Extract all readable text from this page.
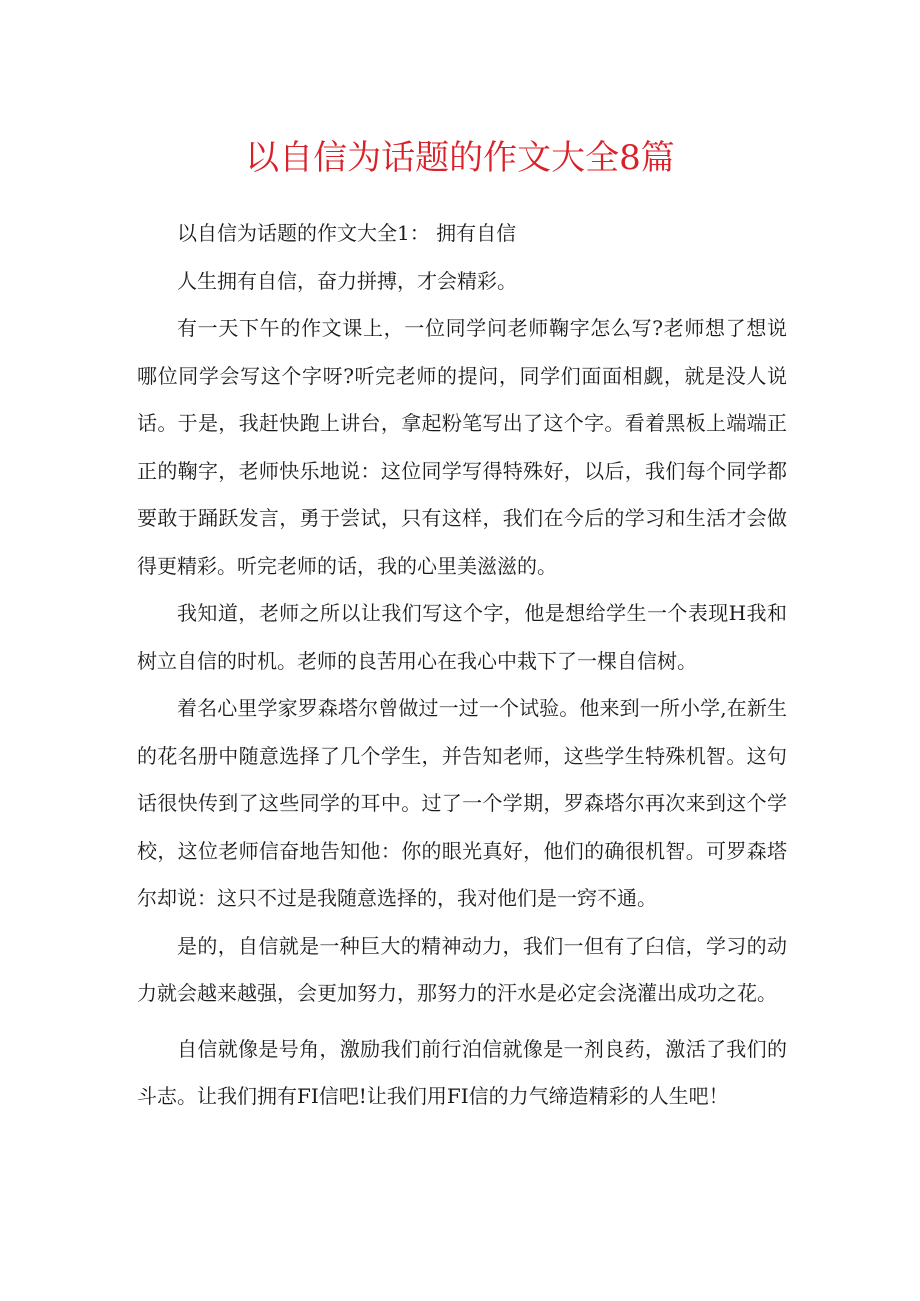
以自信为话题的作文大全8篇

以自信为话题的作文大全1： 拥有自信

人生拥有自信，奋力拼搏，才会精彩。

有一天下午的作文课上，一位同学问老师鞠字怎么写?老师想了想说哪位同学会写这个字呀?听完老师的提问，同学们面面相觑，就是没人说话。于是，我赶快跑上讲台，拿起粉笔写出了这个字。看着黑板上端端正正的鞠字，老师快乐地说：这位同学写得特殊好，以后，我们每个同学都要敢于踊跃发言，勇于尝试，只有这样，我们在今后的学习和生活才会做得更精彩。听完老师的话，我的心里美滋滋的。

我知道，老师之所以让我们写这个字，他是想给学生一个表现H我和树立自信的时机。老师的良苦用心在我心中栽下了一棵自信树。

着名心里学家罗森塔尔曾做过一过一个试验。他来到一所小学,在新生的花名册中随意选择了几个学生，并告知老师，这些学生特殊机智。这句话很快传到了这些同学的耳中。过了一个学期，罗森塔尔再次来到这个学校，这位老师信奋地告知他：你的眼光真好，他们的确很机智。可罗森塔尔却说：这只不过是我随意选择的，我对他们是一窍不通。

是的，自信就是一种巨大的精神动力，我们一但有了臼信，学习的动力就会越来越强，会更加努力，那努力的汗水是必定会浇灌出成功之花。

自信就像是号角，激励我们前行泊信就像是一剂良药，激活了我们的斗志。让我们拥有FI信吧!让我们用FI信的力气缔造精彩的人生吧！
